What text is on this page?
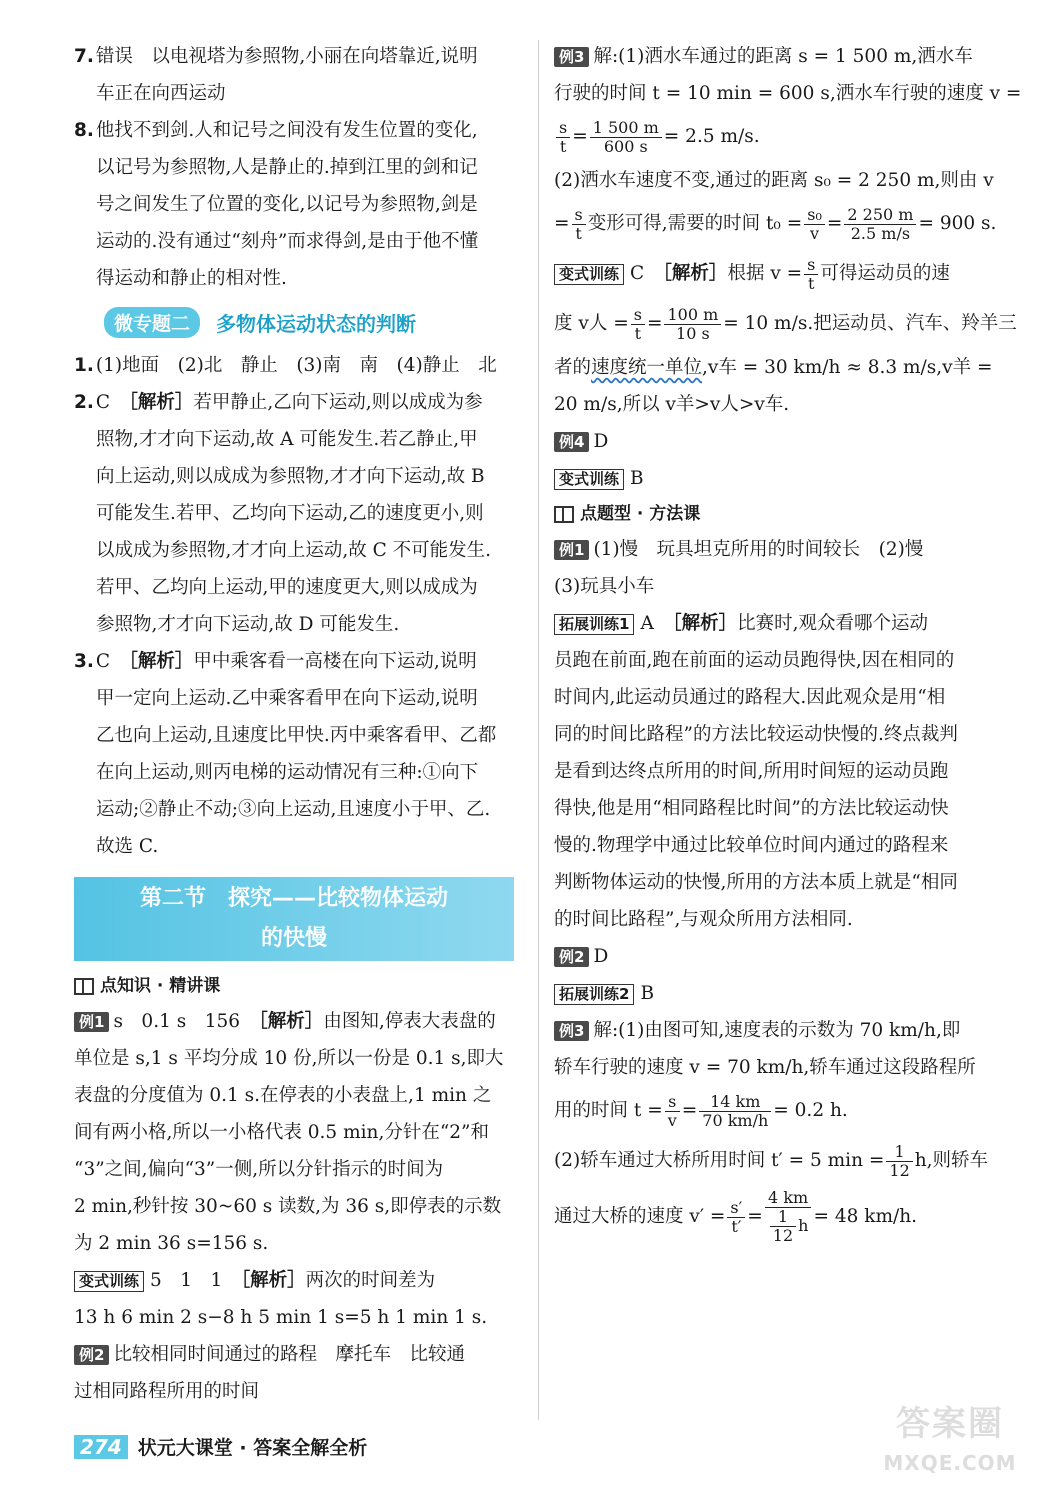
7. 错误　以电视塔为参照物,小丽在向塔靠近,说明
车正在向西运动
8. 他找不到剑.人和记号之间没有发生位置的变化,
以记号为参照物,人是静止的.掉到江里的剑和记
号之间发生了位置的变化,以记号为参照物,剑是
运动的.没有通过“刻舟”而求得剑,是由于他不懂
得运动和静止的相对性.
微专题二	多物体运动状态的判断
1. (1)地面　(2)北　静止　(3)南　南　(4)静止　北
2. C　 ［解析］若甲静止,乙向下运动,则以成成为参
照物,才才向下运动,故 A 可能发生.若乙静止,甲
向上运动,则以成成为参照物,才才向下运动,故 B
可能发生.若甲、乙均向下运动,乙的速度更小,则
以成成为参照物,才才向上运动,故 C 不可能发生.
若甲、乙均向上运动,甲的速度更大,则以成成为
参照物,才才向下运动,故 D 可能发生.
3. C　 ［解析］甲中乘客看一高楼在向下运动,说明
甲一定向上运动.乙中乘客看甲在向下运动,说明
乙也向上运动,且速度比甲快.丙中乘客看甲、乙都
在向上运动,则丙电梯的运动情况有三种:①向下
运动;②静止不动;③向上运动,且速度小于甲、乙.
故选 C.
第二节　探究——比较物体运动
的快慢
点知识 · 精讲课
例1 s　0.1 s　156　［解析］由图知,停表大表盘的
单位是 s,1 s 平均分成 10 份,所以一份是 0.1 s,即大
表盘的分度值为 0.1 s.在停表的小表盘上,1 min 之
间有两小格,所以一小格代表 0.5 min,分针在“2”和
“3”之间,偏向“3”一侧,所以分针指示的时间为
2 min,秒针按 30~60 s 读数,为 36 s,即停表的示数
为 2 min 36 s=156 s.
变式训练 5　1　1　［解析］两次的时间差为
13 h 6 min 2 s−8 h 5 min 1 s=5 h 1 min 1 s.
例2 比较相同时间通过的路程　摩托车　比较通
过相同路程所用的时间
例3 解:(1)洒水车通过的距离 s = 1 500 m,洒水车
行驶的时间 t = 10 min = 600 s,洒水车行驶的速度 v =
$\frac{s}{t} = \frac{1 500 m}{600 s} = 2.5$ m/s.
(2)洒水车速度不变,通过的距离 s₀ = 2 250 m,则由 v
= $\frac{s}{t}$ 变形可得,需要的时间 $t_0 = \frac{\text{s₀}}{v} = \frac{2 250 m}{2.5 m/s} = 900$ s.
变式训练 C　［解析］根据 $v = \frac{s}{t}$ 可得运动员的速
度 v人 = $\frac{s}{t} = \frac{100 m}{10 s} = 10$ m/s.把运动员、汽车、羚羊三
者的速度统一单位,v车 = 30 km/h ≈ 8.3 m/s,v羊 =
20 m/s,所以 v羊>v人>v车.
例4 D
变式训练 B
点题型 · 方法课
例1 (1)慢　玩具坦克所用的时间较长　(2)慢
(3)玩具小车
拓展训练1 A　［解析］比赛时,观众看哪个运动
员跑在前面,跑在前面的运动员跑得快,因在相同的
时间内,此运动员通过的路程大.因此观众是用“相
同的时间比路程”的方法比较运动快慢的.终点裁判
是看到达终点所用的时间,所用时间短的运动员跑
得快,他是用“相同路程比时间”的方法比较运动快
慢的.物理学中通过比较单位时间内通过的路程来
判断物体运动的快慢,所用的方法本质上就是“相同
的时间比路程”,与观众所用方法相同.
例2 D
拓展训练2 B
例3 解:(1)由图可知,速度表的示数为 70 km/h,即
轿车行驶的速度 v = 70 km/h,轿车通过这段路程所
用的时间 $t = \frac{s}{v} = \frac{14 km}{70 km/h} = 0.2$ h.
(2)轿车通过大桥所用时间 t′ = 5 $\min = \frac{1}{12} h$,则轿车
通过大桥的速度 $v' = \frac{s'}{t'} = \frac{4 km}{\frac{1}{12} h} = 48$ km/h.
274 状元大课堂 · 答案全解全析
答案圈
MXQE.COM
